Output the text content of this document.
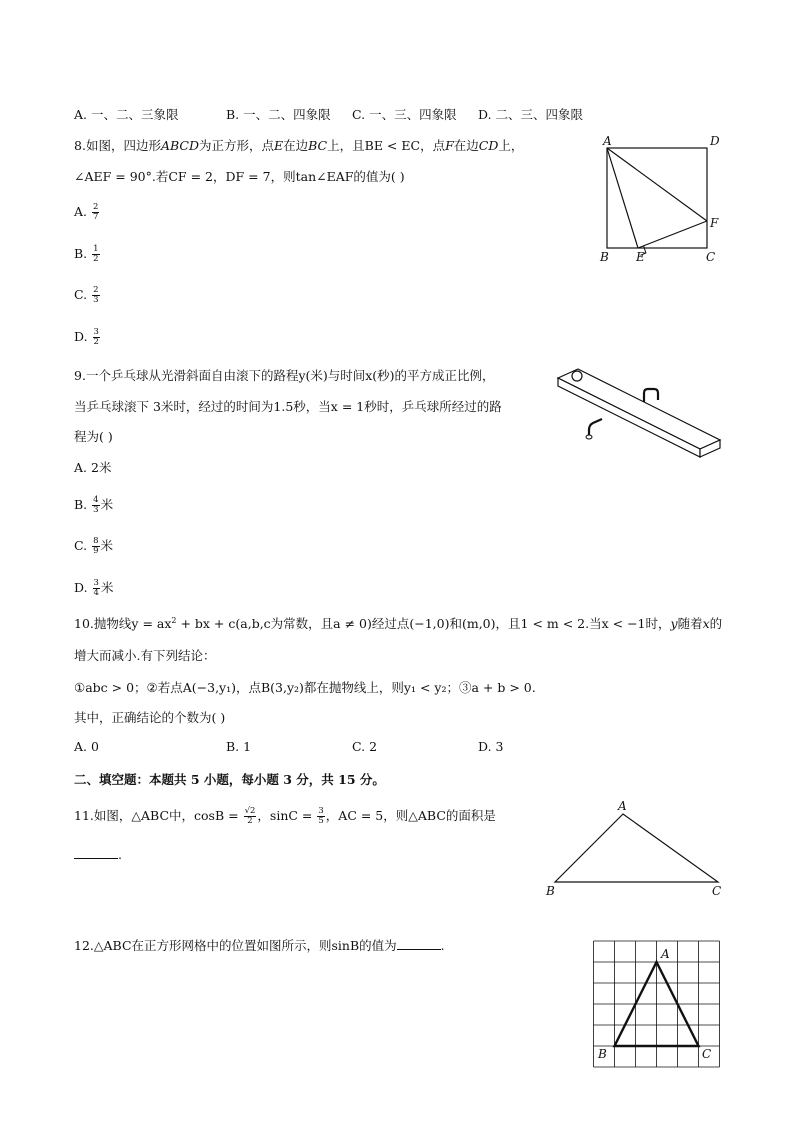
A. 一、二、三象限	B. 一、二、四象限 C. 一、三、四象限 D. 二、三、四象限
8.如图，四边形ABCD为正方形，点E在边BC上，且BE < EC，点F在边CD上，
∠AEF = 90°.若CF = 2，DF = 7，则tan∠EAF的值为( )
A. $\frac{2}{7}$
B. $\frac{1}{2}$
C. $\frac{2}{3}$
D. $\frac{3}{2}$
A	D
B E	C
F
9.一个乒乓球从光滑斜面自由滚下的路程y(米)与时间x(秒)的平方成正比例，
当乒乓球滚下 3米时，经过的时间为1.5秒，当x = 1秒时，乒乓球所经过的路
程为( )
A. 2米
B. $\frac{4}{3}$ 米
C. $\frac{8}{9}$ 米
D. $\frac{3}{4}$ 米
10.抛物线$y = ax^2$ + bx + c(a,b,c为常数，且a ≠ 0)经过点(−1,0)和(m,0)，且1 < m < 2.当x < −1时，y随着x的
增大而减小.有下列结论：
①abc > 0；②若点A(−3,y₁)，点B(3,y₂)都在抛物线上，则y₁ < y₂；③a + b > 0.
其中，正确结论的个数为( )
A. 0	B. 1	C. 2	D. 3
二、填空题：本题共 5 小题，每小题 3 分，共 15 分。
11.如图，△ABC中，$\cos B = \frac{√2}{2}$ ，$\sin C = \frac{3}{5}$ ，AC = 5，则△ABC的面积是
.
A
B	C
12.△ABC在正方形网格中的位置如图所示，则sinB的值为	.
A
B	C
